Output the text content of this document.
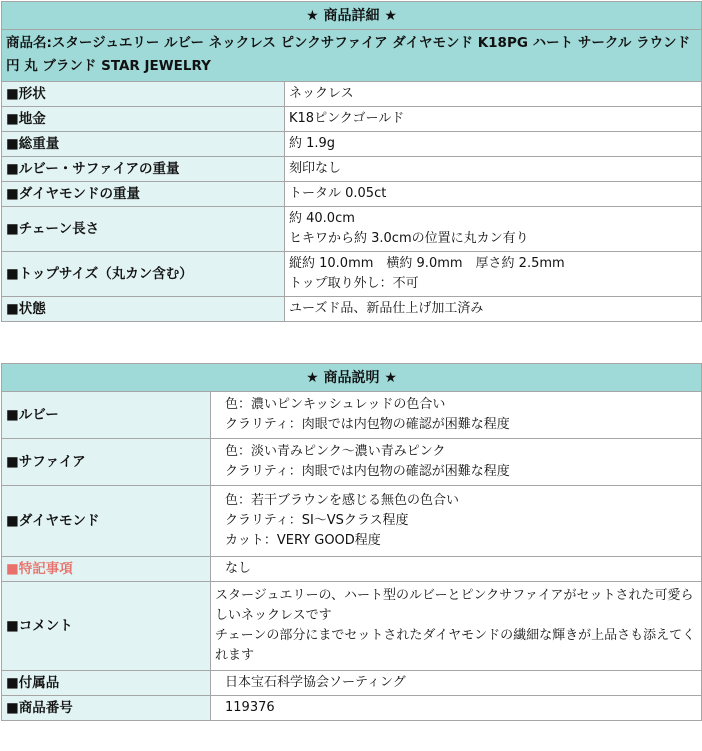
★ 商品詳細 ★	
商品名:スタージュエリー ルビー ネックレス ピンクサファイア ダイヤモンド K18PG ハート サークル ラウンド 円 丸 ブランド STAR JEWELRY	
■形状	ネックレス
■地金	K18ピンクゴールド
■総重量	約 1.9g
■ルビー・サファイアの重量	刻印なし
■ダイヤモンドの重量	トータル 0.05ct
■チェーン長さ	約 40.0cm
ヒキワから約 3.0cmの位置に丸カン有り

■トップサイズ（丸カン含む）	縦約 10.0mm　横約 9.0mm　厚さ約 2.5mm
トップ取り外し：不可

■状態	ユーズド品、新品仕上げ加工済み
★ 商品説明 ★	
■ルビー	色：濃いピンキッシュレッドの色合い
クラリティ：肉眼では内包物の確認が困難な程度

■サファイア	色：淡い青みピンク～濃い青みピンク
クラリティ：肉眼では内包物の確認が困難な程度

■ダイヤモンド	色：若干ブラウンを感じる無色の色合い
クラリティ：SI～VSクラス程度
カット：VERY GOOD程度

■特記事項	なし
■コメント	スタージュエリーの、ハート型のルビーとピンクサファイアがセットされた可愛らしいネックレスです
チェーンの部分にまでセットされたダイヤモンドの繊細な輝きが上品さも添えてくれます

■付属品	日本宝石科学協会ソーティング
■商品番号	119376
